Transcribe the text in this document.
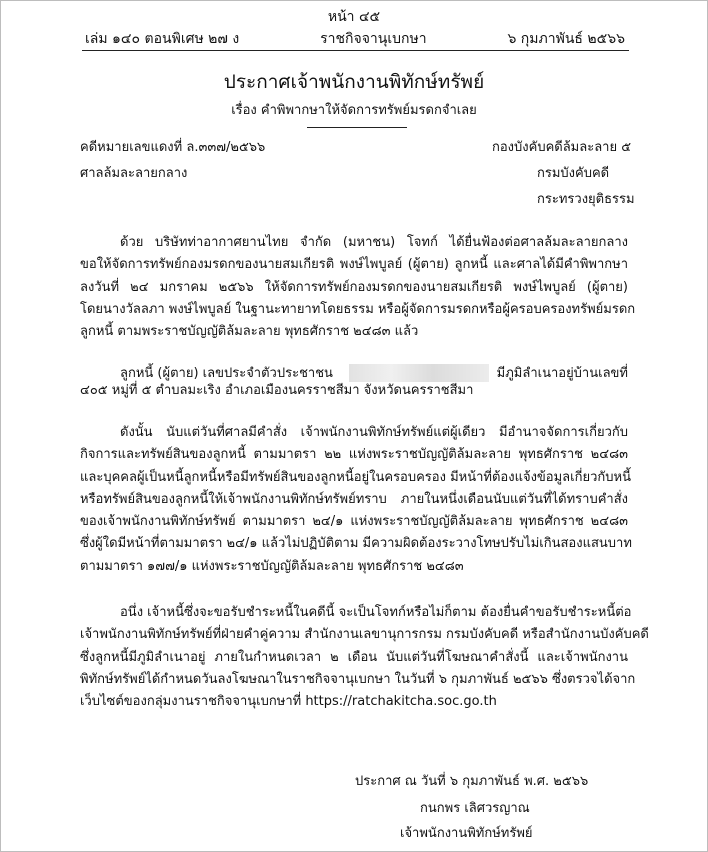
หน้า ๔๕
เล่ม ๑๔๐ ตอนพิเศษ ๒๗ ง	ราชกิจจานุเบกษา	๖ กุมภาพันธ์ ๒๕๖๖
ประกาศเจ้าพนักงานพิทักษ์ทรัพย์
เรื่อง คำพิพากษาให้จัดการทรัพย์มรดกจำเลย
คดีหมายเลขแดงที่ ล.๓๓๗/๒๕๖๖
ศาลล้มละลายกลาง
กองบังคับคดีล้มละลาย ๕
กรมบังคับคดี
กระทรวงยุติธรรม
ด้วย บริษัทท่าอากาศยานไทย จำกัด (มหาชน) โจทก์ ได้ยื่นฟ้องต่อศาลล้มละลายกลาง
ขอให้จัดการทรัพย์กองมรดกของนายสมเกียรติ พงษ์ไพบูลย์ (ผู้ตาย) ลูกหนี้ และศาลได้มีคำพิพากษา
ลงวันที่ ๒๔ มกราคม ๒๕๖๖ ให้จัดการทรัพย์กองมรดกของนายสมเกียรติ พงษ์ไพบูลย์ (ผู้ตาย)
โดยนางวัลลภา พงษ์ไพบูลย์ ในฐานะทายาทโดยธรรม หรือผู้จัดการมรดกหรือผู้ครอบครองทรัพย์มรดก
ลูกหนี้ ตามพระราชบัญญัติล้มละลาย พุทธศักราช ๒๔๘๓ แล้ว
ลูกหนี้ (ผู้ตาย) เลขประจำตัวประชาชน	มีภูมิลำเนาอยู่บ้านเลขที่
๔๐๕ หมู่ที่ ๕ ตำบลมะเริง อำเภอเมืองนครราชสีมา จังหวัดนครราชสีมา
ดังนั้น นับแต่วันที่ศาลมีคำสั่ง เจ้าพนักงานพิทักษ์ทรัพย์แต่ผู้เดียว มีอำนาจจัดการเกี่ยวกับ
กิจการและทรัพย์สินของลูกหนี้ ตามมาตรา ๒๒ แห่งพระราชบัญญัติล้มละลาย พุทธศักราช ๒๔๘๓
และบุคคลผู้เป็นหนี้ลูกหนี้หรือมีทรัพย์สินของลูกหนี้อยู่ในครอบครอง มีหน้าที่ต้องแจ้งข้อมูลเกี่ยวกับหนี้
หรือทรัพย์สินของลูกหนี้ให้เจ้าพนักงานพิทักษ์ทรัพย์ทราบ ภายในหนึ่งเดือนนับแต่วันที่ได้ทราบคำสั่ง
ของเจ้าพนักงานพิทักษ์ทรัพย์ ตามมาตรา ๒๔/๑ แห่งพระราชบัญญัติล้มละลาย พุทธศักราช ๒๔๘๓
ซึ่งผู้ใดมีหน้าที่ตามมาตรา ๒๔/๑ แล้วไม่ปฏิบัติตาม มีความผิดต้องระวางโทษปรับไม่เกินสองแสนบาท
ตามมาตรา ๑๗๗/๑ แห่งพระราชบัญญัติล้มละลาย พุทธศักราช ๒๔๘๓
อนึ่ง เจ้าหนี้ซึ่งจะขอรับชำระหนี้ในคดีนี้ จะเป็นโจทก์หรือไม่ก็ตาม ต้องยื่นคำขอรับชำระหนี้ต่อ
เจ้าพนักงานพิทักษ์ทรัพย์ที่ฝ่ายคำคู่ความ สำนักงานเลขานุการกรม กรมบังคับคดี หรือสำนักงานบังคับคดี
ซึ่งลูกหนี้มีภูมิลำเนาอยู่ ภายในกำหนดเวลา ๒ เดือน นับแต่วันที่โฆษณาคำสั่งนี้ และเจ้าพนักงาน
พิทักษ์ทรัพย์ได้กำหนดวันลงโฆษณาในราชกิจจานุเบกษา ในวันที่ ๖ กุมภาพันธ์ ๒๕๖๖ ซึ่งตรวจได้จาก
เว็บไซต์ของกลุ่มงานราชกิจจานุเบกษาที่ https://ratchakitcha.soc.go.th
ประกาศ ณ วันที่ ๖ กุมภาพันธ์ พ.ศ. ๒๕๖๖
กนกพร เลิศวรญาณ
เจ้าพนักงานพิทักษ์ทรัพย์
